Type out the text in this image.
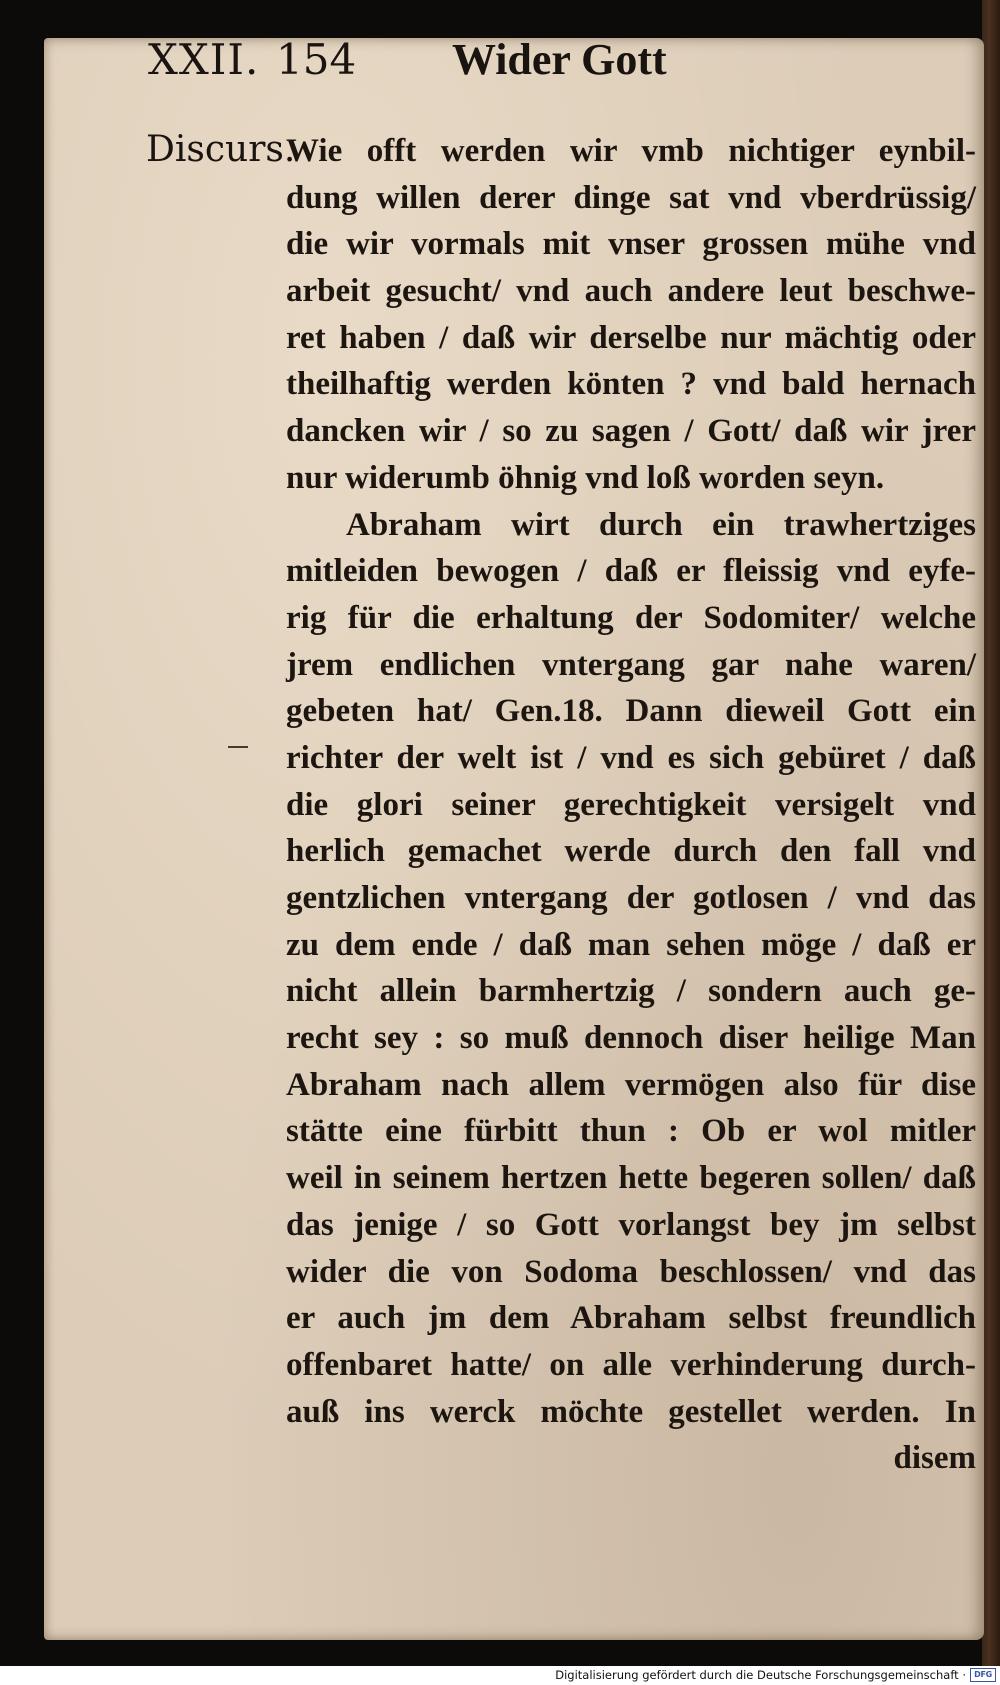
XXII. 154 Wider Gott
Discurs.
Wie offt werden wir vmb nichtiger eynbil-
dung willen derer dinge sat vnd vberdrüssig/
die wir vormals mit vnser grossen mühe vnd
arbeit gesucht/ vnd auch andere leut beschwe-
ret haben / daß wir derselbe nur mächtig oder
theilhaftig werden könten ? vnd bald hernach
dancken wir / so zu sagen / Gott/ daß wir jrer
nur widerumb öhnig vnd loß worden seyn.
Abraham wirt durch ein trawhertziges
mitleiden bewogen / daß er fleissig vnd eyfe-
rig für die erhaltung der Sodomiter/ welche
jrem endlichen vntergang gar nahe waren/
gebeten hat/ Gen.18. Dann dieweil Gott ein
richter der welt ist / vnd es sich gebüret / daß
die glori seiner gerechtigkeit versigelt vnd
herlich gemachet werde durch den fall vnd
gentzlichen vntergang der gotlosen / vnd das
zu dem ende / daß man sehen möge / daß er
nicht allein barmhertzig / sondern auch ge-
recht sey : so muß dennoch diser heilige Man
Abraham nach allem vermögen also für dise
stätte eine fürbitt thun : Ob er wol mitler
weil in seinem hertzen hette begeren sollen/ daß
das jenige / so Gott vorlangst bey jm selbst
wider die von Sodoma beschlossen/ vnd das
er auch jm dem Abraham selbst freundlich
offenbaret hatte/ on alle verhinderung durch-
auß ins werck möchte gestellet werden. In
disem
Digitalisierung gefördert durch die Deutsche Forschungsgemeinschaft ·	DFG
